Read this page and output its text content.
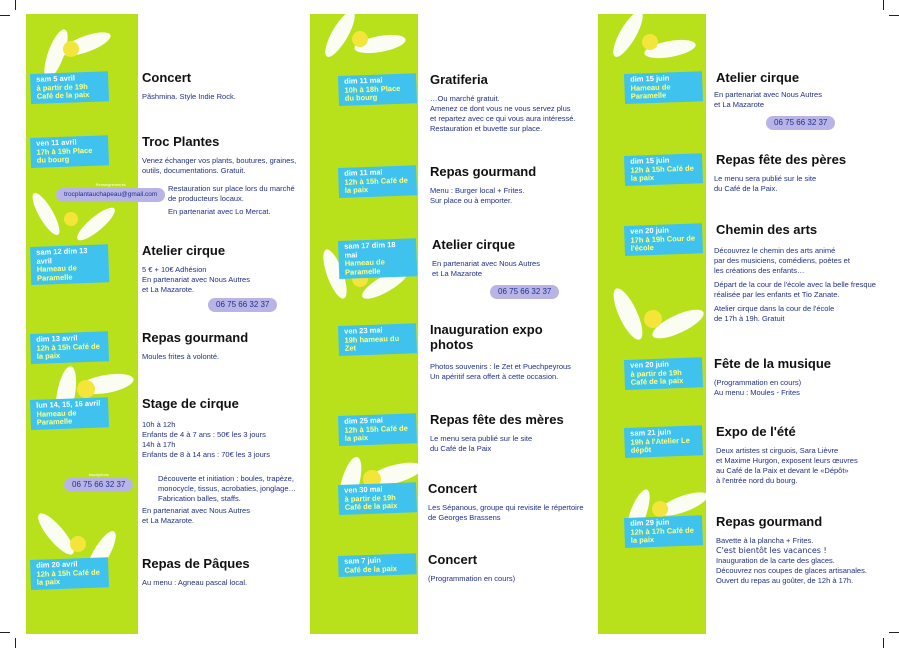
sam 5 avril
à partir de 19h Café de la paix
Concert
Pãshmina. Style Indie Rock.
ven 11 avril
17h à 19h Place du bourg
Troc Plantes
Venez échanger vos plants, boutures, graines,
outils, documentations. Gratuit.
Renseignements
trocplantauchapeau@gmail.com
Restauration sur place lors du marché
de producteurs locaux.
En partenariat avec Lo Mercat.
sam 12 dim 13 avril
Hameau de Paramelle
Atelier cirque
5 € + 10€ Adhésion
En partenariat avec Nous Autres
et La Mazarote.
Inscriptions
06 75 66 32 37
dim 13 avril
12h à 15h Café de la paix
Repas gourmand
Moules frites à volonté.
lun 14, 15, 16 avril
Hameau de Paramelle
Stage de cirque
10h à 12h
Enfants de 4 à 7 ans : 50€ les 3 jours
14h à 17h
Enfants de 8 à 14 ans : 70€ les 3 jours
Inscriptions
06 75 66 32 37
Découverte et initiation : boules, trapèze,
monocycle, tissus, acrobaties, jonglage…
Fabrication balles, staffs.
En partenariat avec Nous Autres
et La Mazarote.
dim 20 avril
12h à 15h Café de la paix
Repas de Pâques
Au menu : Agneau pascal local.
dim 11 mai
10h à 18h Place du bourg
Gratiferia
…Ou marché gratuit.
Amenez ce dont vous ne vous servez plus
et repartez avec ce qui vous aura intéressé.
Restauration et buvette sur place.
dim 11 mai
12h à 15h Café de la paix
Repas gourmand
Menu : Burger local + Frites.
Sur place ou à emporter.
sam 17 dim 18 mai
Hameau de Paramelle
Atelier cirque
En partenariat avec Nous Autres
et La Mazarote
Inscriptions
06 75 66 32 37
ven 23 mai
19h hameau du Zet
Inauguration expo photos
Photos souvenirs : le Zet et Puechpeyrous
Un apéritif sera offert à cette occasion.
dim 25 mai
12h à 15h Café de la paix
Repas fête des mères
Le menu sera publié sur le site
du Café de la Paix
ven 30 mai
à partir de 19h Café de la paix
Concert
Les Sépanous, groupe qui revisite le répertoire
de Georges Brassens
sam 7 juin
Café de la paix
Concert
(Programmation en cours)
dim 15 juin
Hameau de Paramelle
Atelier cirque
En partenariat avec Nous Autres
et La Mazarote
Inscriptions
06 75 66 32 37
dim 15 juin
12h à 15h Café de la paix
Repas fête des pères
Le menu sera publié sur le site
du Café de la Paix.
ven 20 juin
17h à 19h Cour de l'école
Chemin des arts
Découvrez le chemin des arts animé
par des musiciens, comédiens, poètes et
les créations des enfants…
Départ de la cour de l'école avec la belle fresque
réalisée par les enfants et Tio Zanate.
Atelier cirque dans la cour de l'école
de 17h à 19h. Gratuit
ven 20 juin
à partir de 19h Café de la paix
Fête de la musique
(Programmation en cours)
Au menu : Moules - Frites
sam 21 juin
19h à l'Atelier Le dépôt
Expo de l'été
Deux artistes st cirguois, Sara Lièvre
et Maxime Hurgon, exposent leurs œuvres
au Café de la Paix et devant le «Dépôt»
à l'entrée nord du bourg.
dim 29 juin
12h à 17h Café de la paix
Repas gourmand
Bavette à la plancha + Frites.
C'est bientôt les vacances !
Inauguration de la carte des glaces.
Découvrez nos coupes de glaces artisanales.
Ouvert du repas au goûter, de 12h à 17h.
